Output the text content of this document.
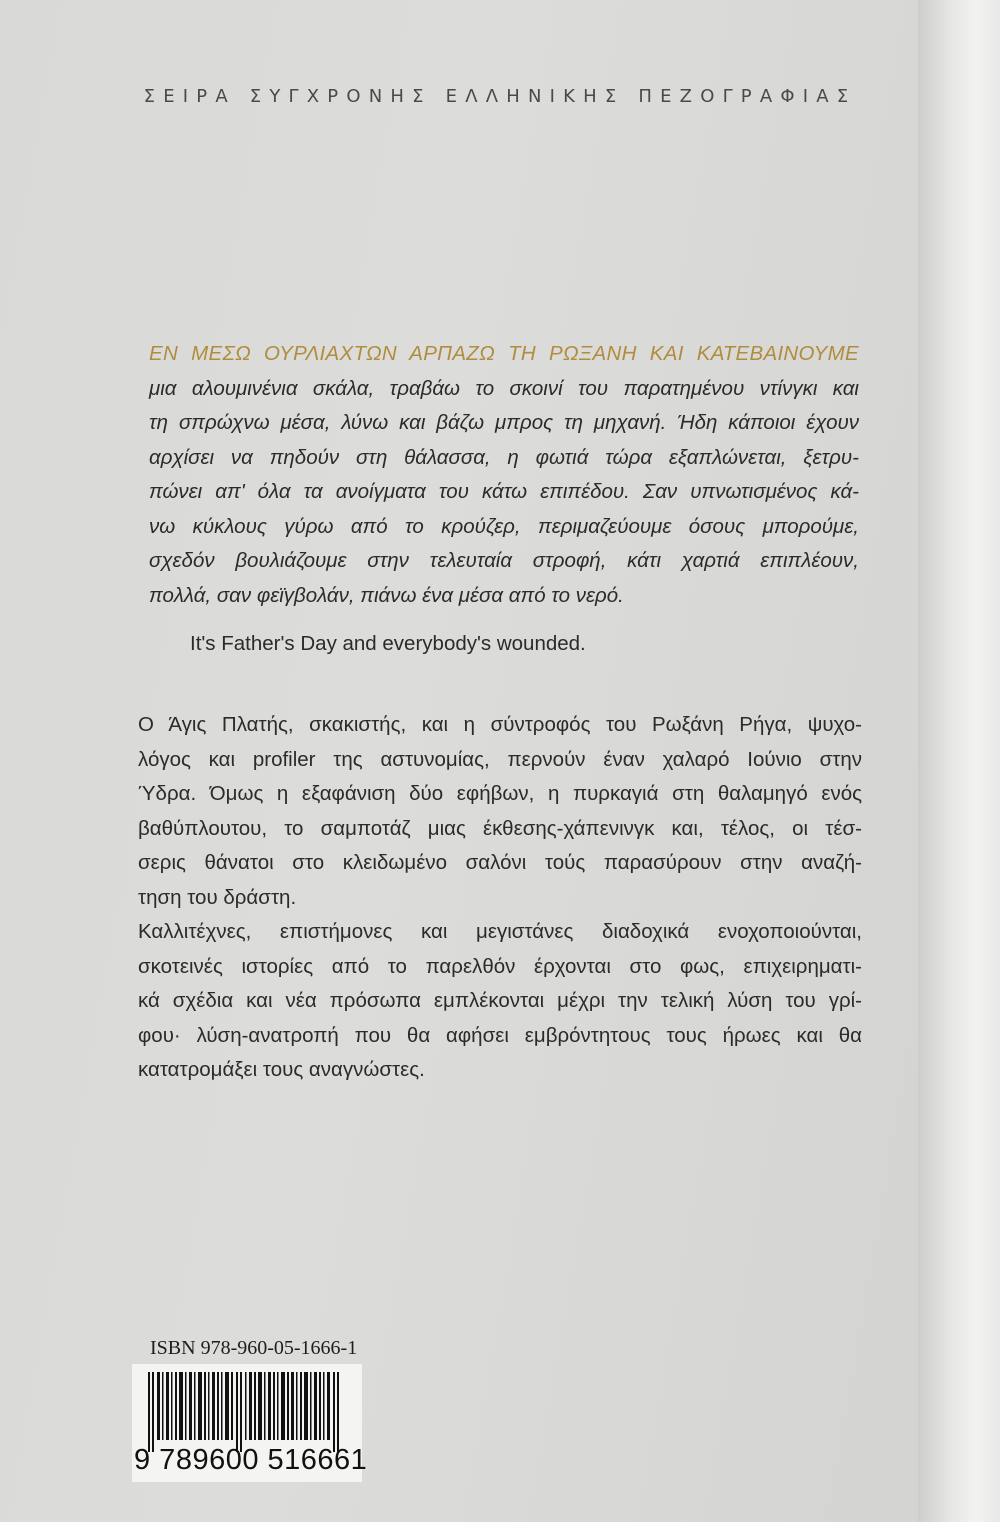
ΣΕΙΡΑ ΣΥΓΧΡΟΝΗΣ ΕΛΛΗΝΙΚΗΣ ΠΕΖΟΓΡΑΦΙΑΣ
ΕΝ ΜΕΣΩ ΟΥΡΛΙΑΧΤΩΝ ΑΡΠΑΖΩ ΤΗ ΡΩΞΑΝΗ ΚΑΙ ΚΑΤΕΒΑΙΝΟΥΜΕ
μια αλουμινένια σκάλα, τραβάω το σκοινί του παρατημένου ντίνγκι και
τη σπρώχνω μέσα, λύνω και βάζω μπρος τη μηχανή. Ήδη κάποιοι έχουν
αρχίσει να πηδούν στη θάλασσα, η φωτιά τώρα εξαπλώνεται, ξετρυ-
πώνει απ' όλα τα ανοίγματα του κάτω επιπέδου. Σαν υπνωτισμένος κά-
νω κύκλους γύρω από το κρούζερ, περιμαζεύουμε όσους μπορούμε,
σχεδόν βουλιάζουμε στην τελευταία στροφή, κάτι χαρτιά επιπλέουν,
πολλά, σαν φεϊγβολάν, πιάνω ένα μέσα από το νερό.
It's Father's Day and everybody's wounded.
Ο Άγις Πλατής, σκακιστής, και η σύντροφός του Ρωξάνη Ρήγα, ψυχο-
λόγος και profiler της αστυνομίας, περνούν έναν χαλαρό Ιούνιο στην
Ύδρα. Όμως η εξαφάνιση δύο εφήβων, η πυρκαγιά στη θαλαμηγό ενός
βαθύπλουτου, το σαμποτάζ μιας έκθεσης-χάπενινγκ και, τέλος, οι τέσ-
σερις θάνατοι στο κλειδωμένο σαλόνι τούς παρασύρουν στην αναζή-
τηση του δράστη.
Καλλιτέχνες, επιστήμονες και μεγιστάνες διαδοχικά ενοχοποιούνται,
σκοτεινές ιστορίες από το παρελθόν έρχονται στο φως, επιχειρηματι-
κά σχέδια και νέα πρόσωπα εμπλέκονται μέχρι την τελική λύση του γρί-
φου· λύση-ανατροπή που θα αφήσει εμβρόντητους τους ήρωες και θα
κατατρομάξει τους αναγνώστες.
ISBN 978-960-05-1666-1
9 789600 516661
